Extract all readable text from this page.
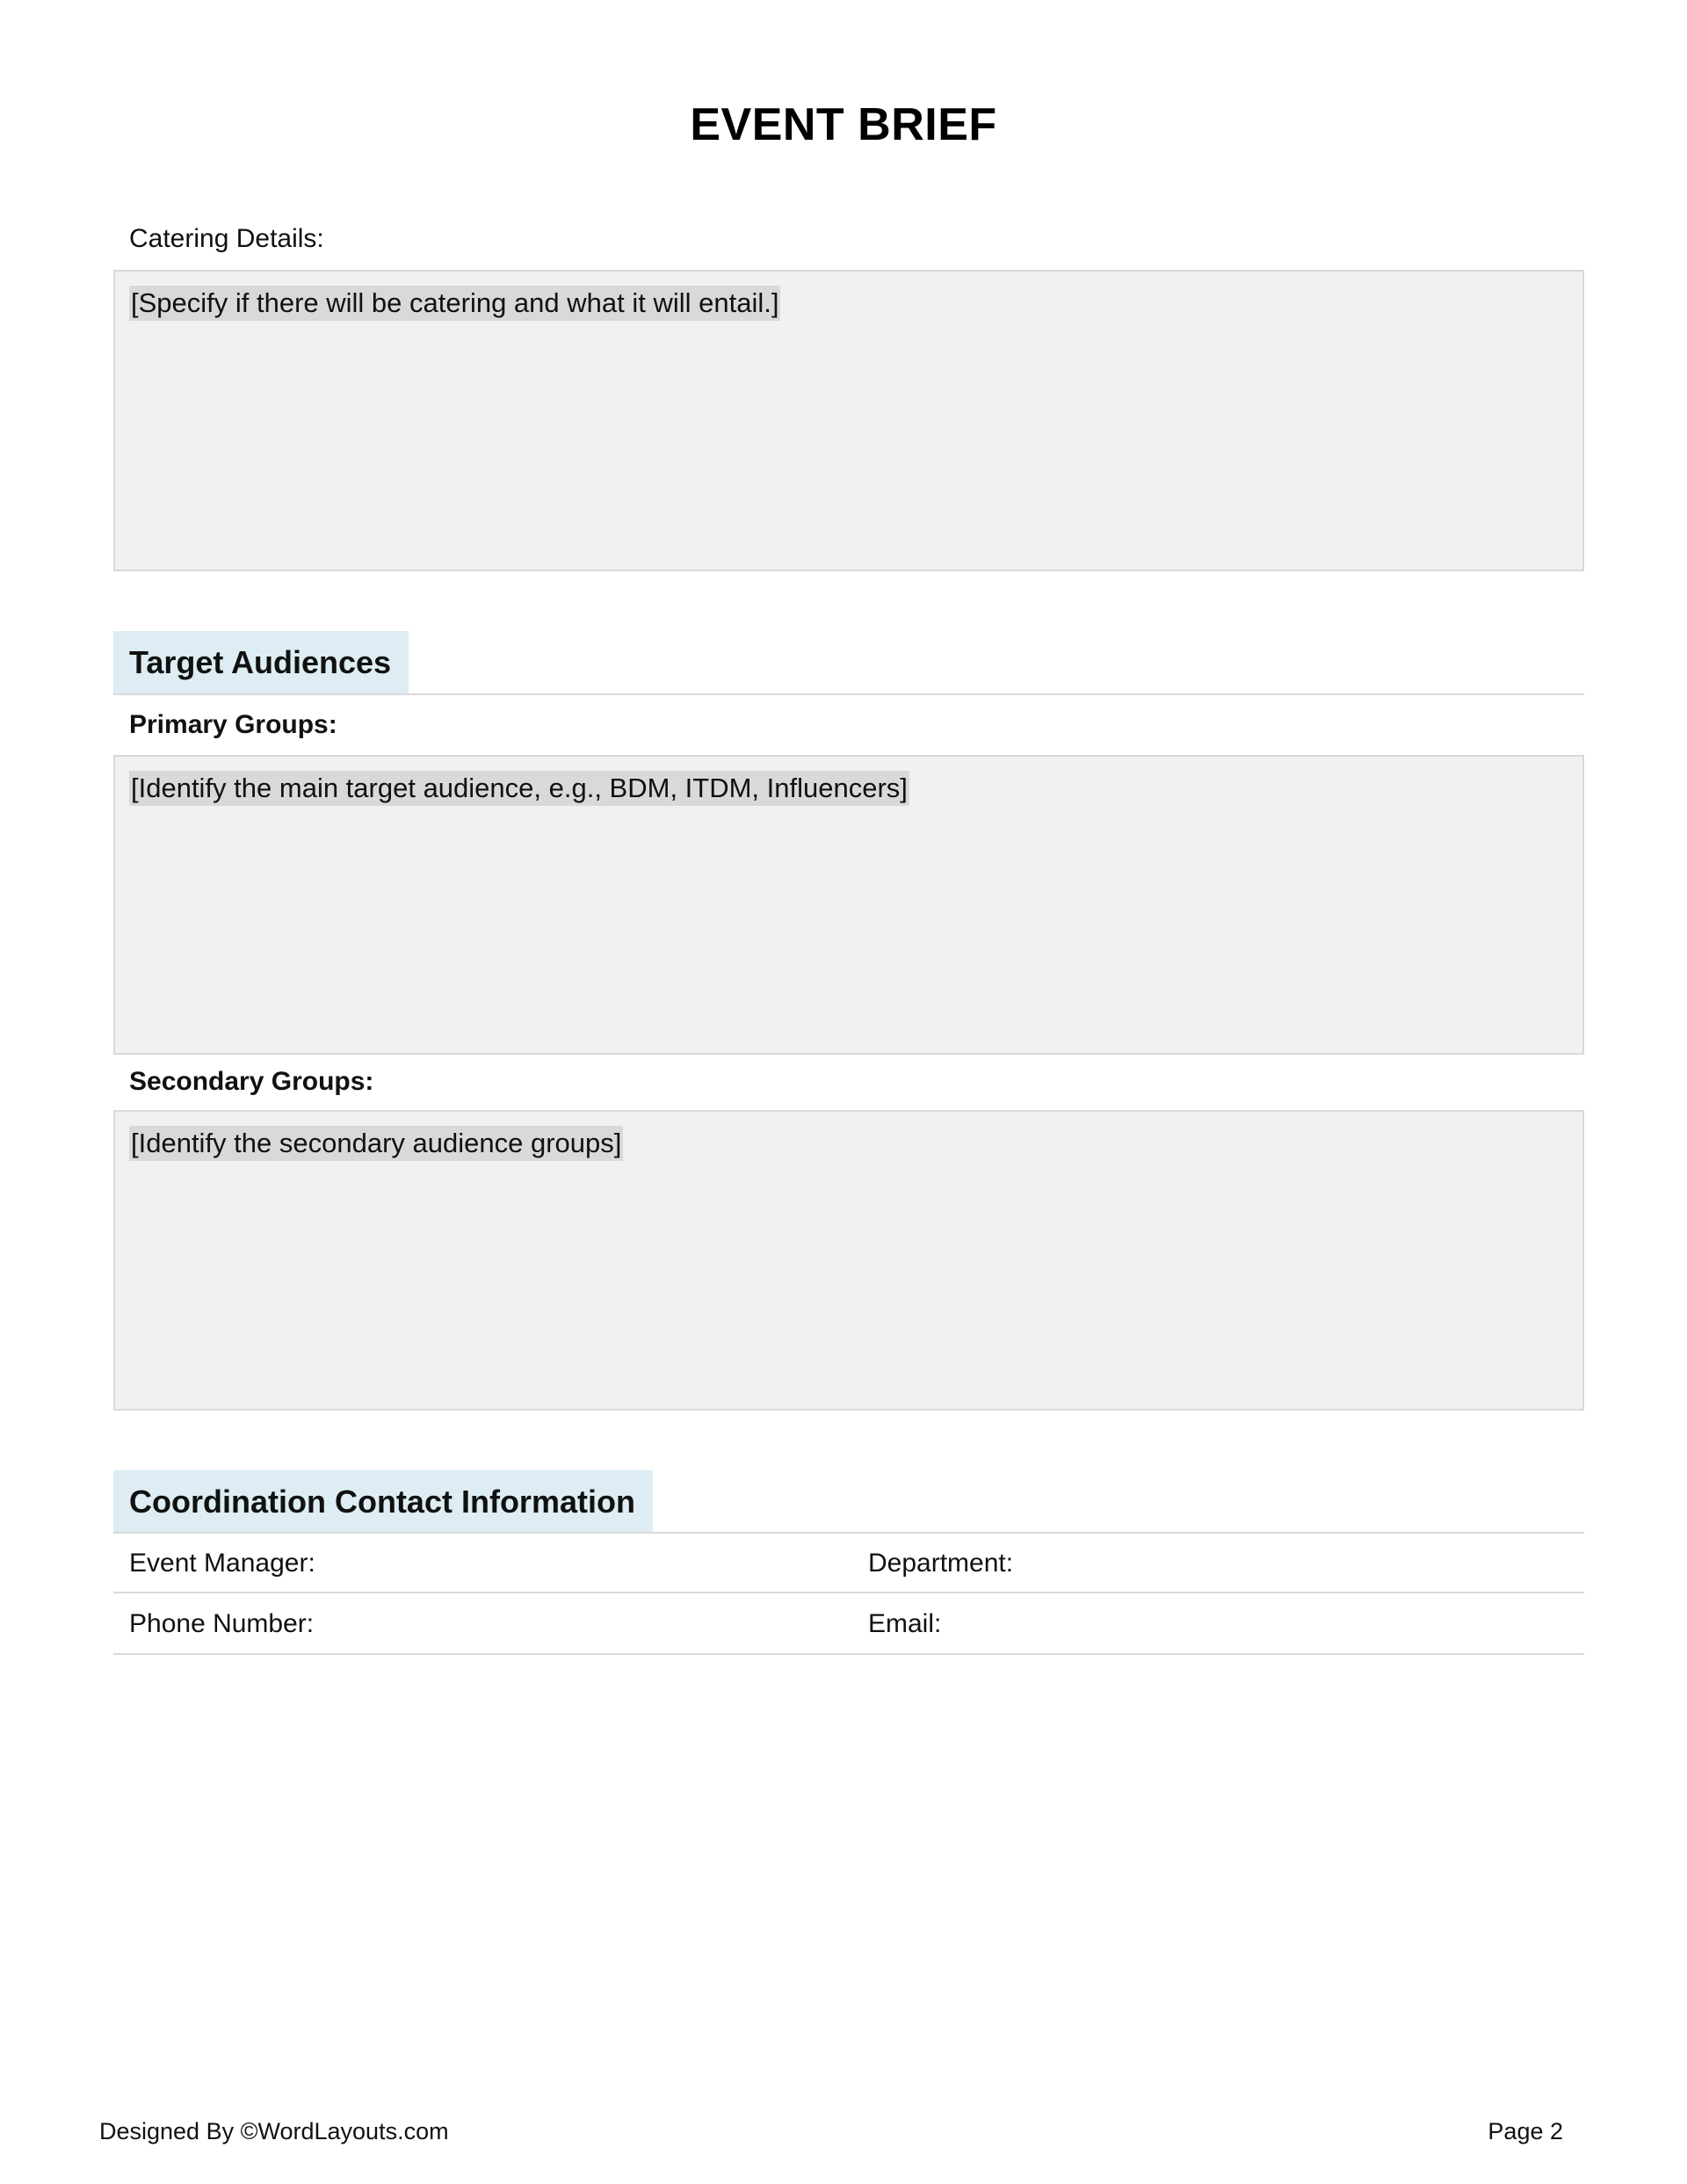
EVENT BRIEF
Catering Details:
[Specify if there will be catering and what it will entail.]
Target Audiences
Primary Groups:
[Identify the main target audience, e.g., BDM, ITDM, Influencers]
Secondary Groups:
[Identify the secondary audience groups]
Coordination Contact Information
Event Manager:	Department:
Phone Number:	Email:
Designed By ©WordLayouts.com	Page 2
